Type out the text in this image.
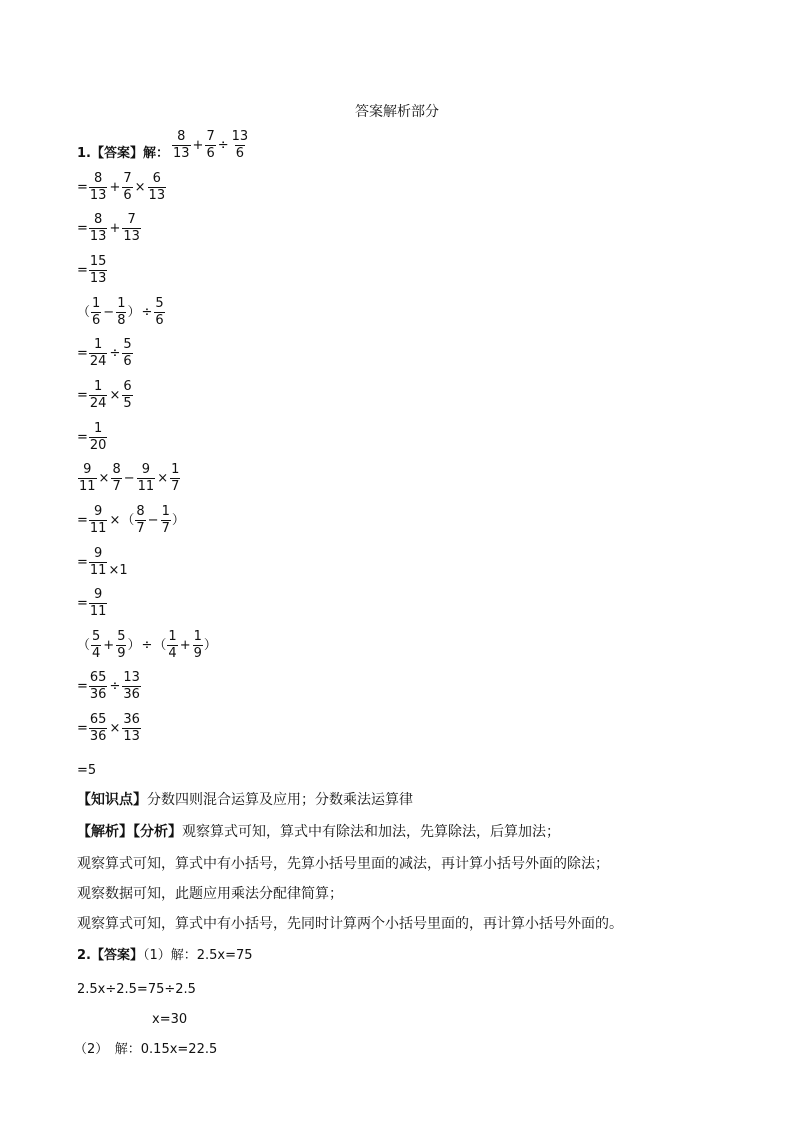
答案解析部分
1.【答案】解： $\frac{8}{13} + \frac{7}{6} \div \frac{13}{6}$
= $\frac{8}{13} + \frac{7}{6} \times \frac{6}{13}$
= $\frac{8}{13} + \frac{7}{13}$
= $\frac{15}{13}$
（ $\frac{1}{6} - \frac{1}{8}$ ）÷ $\frac{5}{6}$
= $\frac{1}{24} \div \frac{5}{6}$
= $\frac{1}{24} \times \frac{6}{5}$
= $\frac{1}{20}$
$\frac{9}{11} \times \frac{8}{7} - \frac{9}{11} \times \frac{1}{7}$
= $\frac{9}{11}$ ×（ $\frac{8}{7} - \frac{1}{7}$ ）
= $\frac{9}{11} \times 1$
= $\frac{9}{11}$
（ $\frac{5}{4} + \frac{5}{9}$ ）÷（ $\frac{1}{4} + \frac{1}{9}$ ）
= $\frac{65}{36} \div \frac{13}{36}$
= $\frac{65}{36} \times \frac{36}{13}$
=5
【知识点】分数四则混合运算及应用；分数乘法运算律
【解析】【分析】观察算式可知，算式中有除法和加法，先算除法，后算加法；
观察算式可知，算式中有小括号，先算小括号里面的减法，再计算小括号外面的除法；
观察数据可知，此题应用乘法分配律简算；
观察算式可知，算式中有小括号，先同时计算两个小括号里面的，再计算小括号外面的。
2.【答案】（1）解：2.5x=75
2.5x÷2.5=75÷2.5
x=30
（2）　解：0.15x=22.5
